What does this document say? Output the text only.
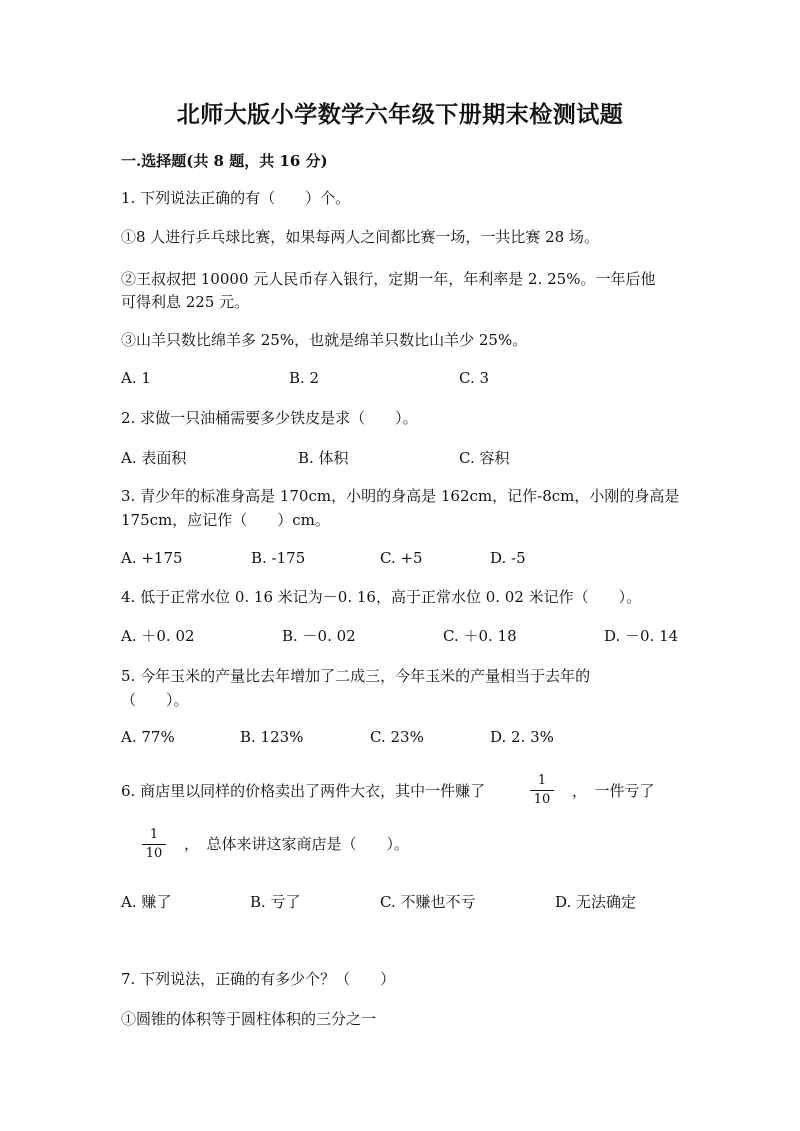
北师大版小学数学六年级下册期末检测试题
一.选择题(共 8 题，共 16 分)
1. 下列说法正确的有（　　）个。
①8 人进行乒乓球比赛，如果每两人之间都比赛一场，一共比赛 28 场。
②王叔叔把 10000 元人民币存入银行，定期一年，年利率是 2. 25%。一年后他
可得利息 225 元。
③山羊只数比绵羊多 25%，也就是绵羊只数比山羊少 25%。
A. 1	B. 2	C. 3
2. 求做一只油桶需要多少铁皮是求（　　）。
A. 表面积	B. 体积	C. 容积
3. 青少年的标准身高是 170cm，小明的身高是 162cm，记作-8cm，小刚的身高是
175cm，应记作（　　）cm。
A. +175	B. -175	C. +5	D. -5
4. 低于正常水位 0. 16 米记为－0. 16，高于正常水位 0. 02 米记作（　　）。
A. ＋0. 02	B. －0. 02	C. ＋0. 18	D. －0. 14
5. 今年玉米的产量比去年增加了二成三，今年玉米的产量相当于去年的
（　　）。
A. 77%	B. 123%	C. 23%	D. 2. 3%
6. 商店里以同样的价格卖出了两件大衣，其中一件赚了
1
10	，　一件亏了
1
10
，　总体来讲这家商店是（　　）。
A. 赚了	B. 亏了	C. 不赚也不亏	D. 无法确定
7. 下列说法，正确的有多少个？（　　）
①圆锥的体积等于圆柱体积的三分之一
